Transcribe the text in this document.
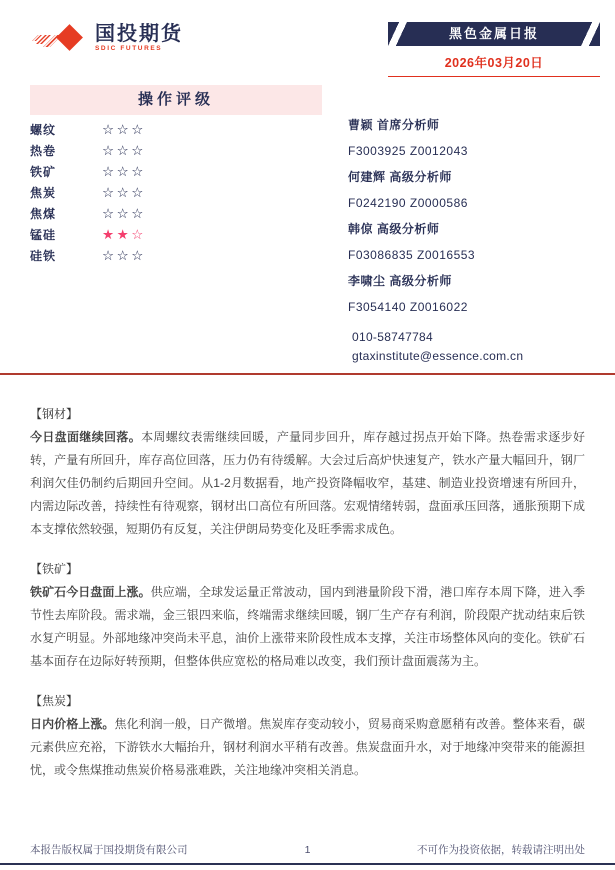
国投期货
SDIC FUTURES
黑色金属日报
2026年03月20日
操作评级
螺纹	☆☆☆
热卷	☆☆☆
铁矿	☆☆☆
焦炭	☆☆☆
焦煤	☆☆☆
锰硅	★★☆
硅铁	☆☆☆
曹颖 首席分析师
F3003925 Z0012043
何建辉 高级分析师
F0242190 Z0000586
韩倞 高级分析师
F03086835 Z0016553
李啸尘 高级分析师
F3054140 Z0016022
010-58747784
gtaxinstitute@essence.com.cn
【钢材】
今日盘面继续回落。本周螺纹表需继续回暖，产量同步回升，库存越过拐点开始下降。热卷需求逐步好转，产量有所回升，库存高位回落，压力仍有待缓解。大会过后高炉快速复产，铁水产量大幅回升，钢厂利润欠佳仍制约后期回升空间。从1-2月数据看，地产投资降幅收窄，基建、制造业投资增速有所回升，内需边际改善，持续性有待观察，钢材出口高位有所回落。宏观情绪转弱，盘面承压回落，通胀预期下成本支撑依然较强，短期仍有反复，关注伊朗局势变化及旺季需求成色。
【铁矿】
铁矿石今日盘面上涨。供应端，全球发运量正常波动，国内到港量阶段下滑，港口库存本周下降，进入季节性去库阶段。需求端，金三银四来临，终端需求继续回暖，钢厂生产存有利润，阶段限产扰动结束后铁水复产明显。外部地缘冲突尚未平息，油价上涨带来阶段性成本支撑，关注市场整体风向的变化。铁矿石基本面存在边际好转预期，但整体供应宽松的格局难以改变，我们预计盘面震荡为主。
【焦炭】
日内价格上涨。焦化利润一般，日产微增。焦炭库存变动较小，贸易商采购意愿稍有改善。整体来看，碳元素供应充裕，下游铁水大幅抬升，钢材利润水平稍有改善。焦炭盘面升水，对于地缘冲突带来的能源担忧，或令焦煤推动焦炭价格易涨难跌，关注地缘冲突相关消息。
1
本报告版权属于国投期货有限公司	不可作为投资依据，转载请注明出处
